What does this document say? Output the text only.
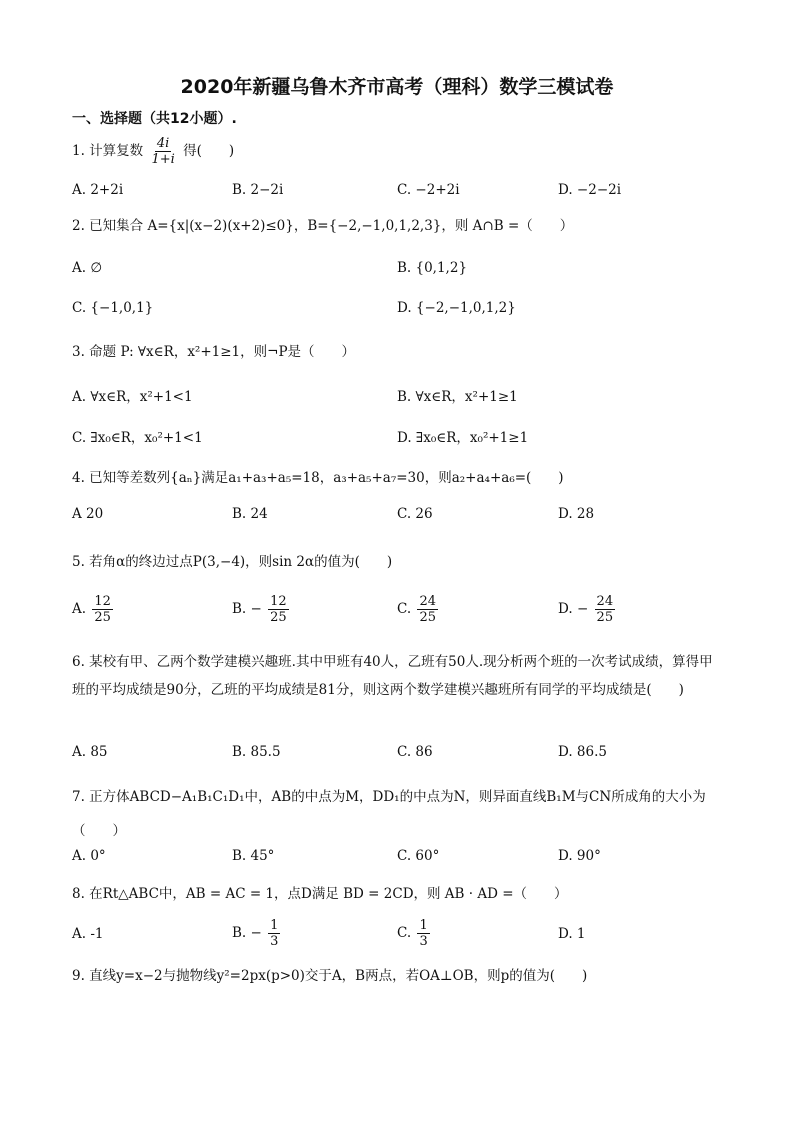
2020年新疆乌鲁木齐市高考（理科）数学三模试卷
一、选择题（共12小题）.
1. 计算复数 $\frac{4i}{1+i}$ 得(　　)
A. 2+2i	B. 2−2i	C. −2+2i	D. −2−2i
2. 已知集合 A={x|(x−2)(x+2)≤0}，B={−2,−1,0,1,2,3}，则 A∩B =（　　）
A. ∅	B. {0,1,2}
C. {−1,0,1}	D. {−2,−1,0,1,2}
3. 命题 P: ∀x∈R，x²+1≥1，则¬P是（　　）
A. ∀x∈R，x²+1<1	B. ∀x∈R，x²+1≥1
C. ∃x₀∈R，x₀²+1<1	D. ∃x₀∈R，x₀²+1≥1
4. 已知等差数列{aₙ}满足a₁+a₃+a₅=18，a₃+a₅+a₇=30，则a₂+a₄+a₆=(　　)
A 20	B. 24	C. 26	D. 28
5. 若角α的终边过点P(3,−4)，则sin 2α的值为(　　)
A. $\frac{12}{25}$	B. − $\frac{12}{25}$	C. $\frac{24}{25}$	D. − $\frac{24}{25}$
6. 某校有甲、乙两个数学建模兴趣班.其中甲班有40人，乙班有50人.现分析两个班的一次考试成绩，算得甲班的平均成绩是90分，乙班的平均成绩是81分，则这两个数学建模兴趣班所有同学的平均成绩是(　　)
A. 85	B. 85.5	C. 86	D. 86.5
7. 正方体ABCD−A₁B₁C₁D₁中，AB的中点为M，DD₁的中点为N，则异面直线B₁M与CN所成角的大小为（　　）
A. 0°	B. 45°	C. 60°	D. 90°
8. 在Rt△ABC中，AB = AC = 1，点D满足 BD = 2CD，则 AB · AD =（　　）
A. -1	B. − $\frac{1}{3}$	C. $\frac{1}{3}$	D. 1
9. 直线y=x−2与抛物线y²=2px(p>0)交于A，B两点，若OA⊥OB，则p的值为(　　)
